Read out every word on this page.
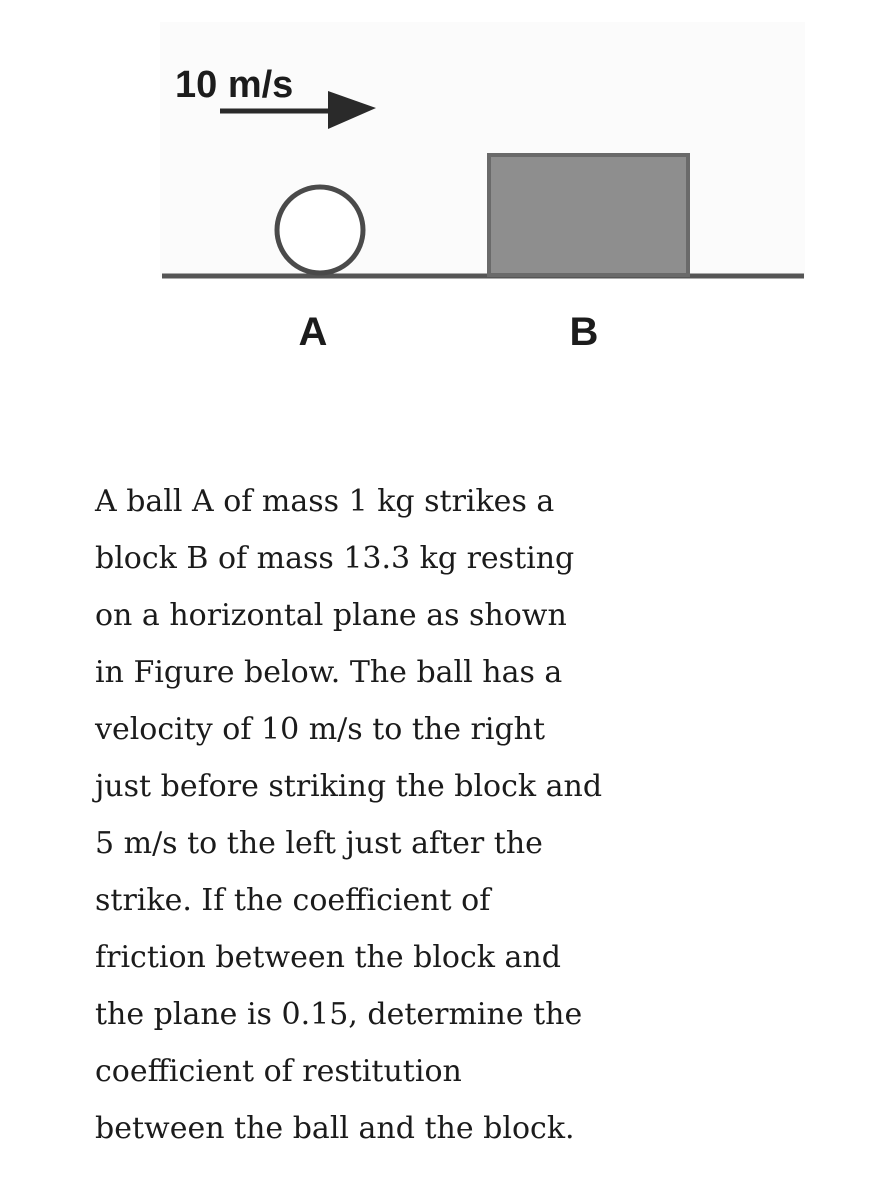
10 m/s
A	B

A ball A of mass 1 kg strikes a
block B of mass 13.3 kg resting
on a horizontal plane as shown
in Figure below. The ball has a
velocity of 10 m/s to the right
just before striking the block and
5 m/s to the left just after the
strike. If the coefficient of
friction between the block and
the plane is 0.15, determine the
coefficient of restitution
between the ball and the block.
